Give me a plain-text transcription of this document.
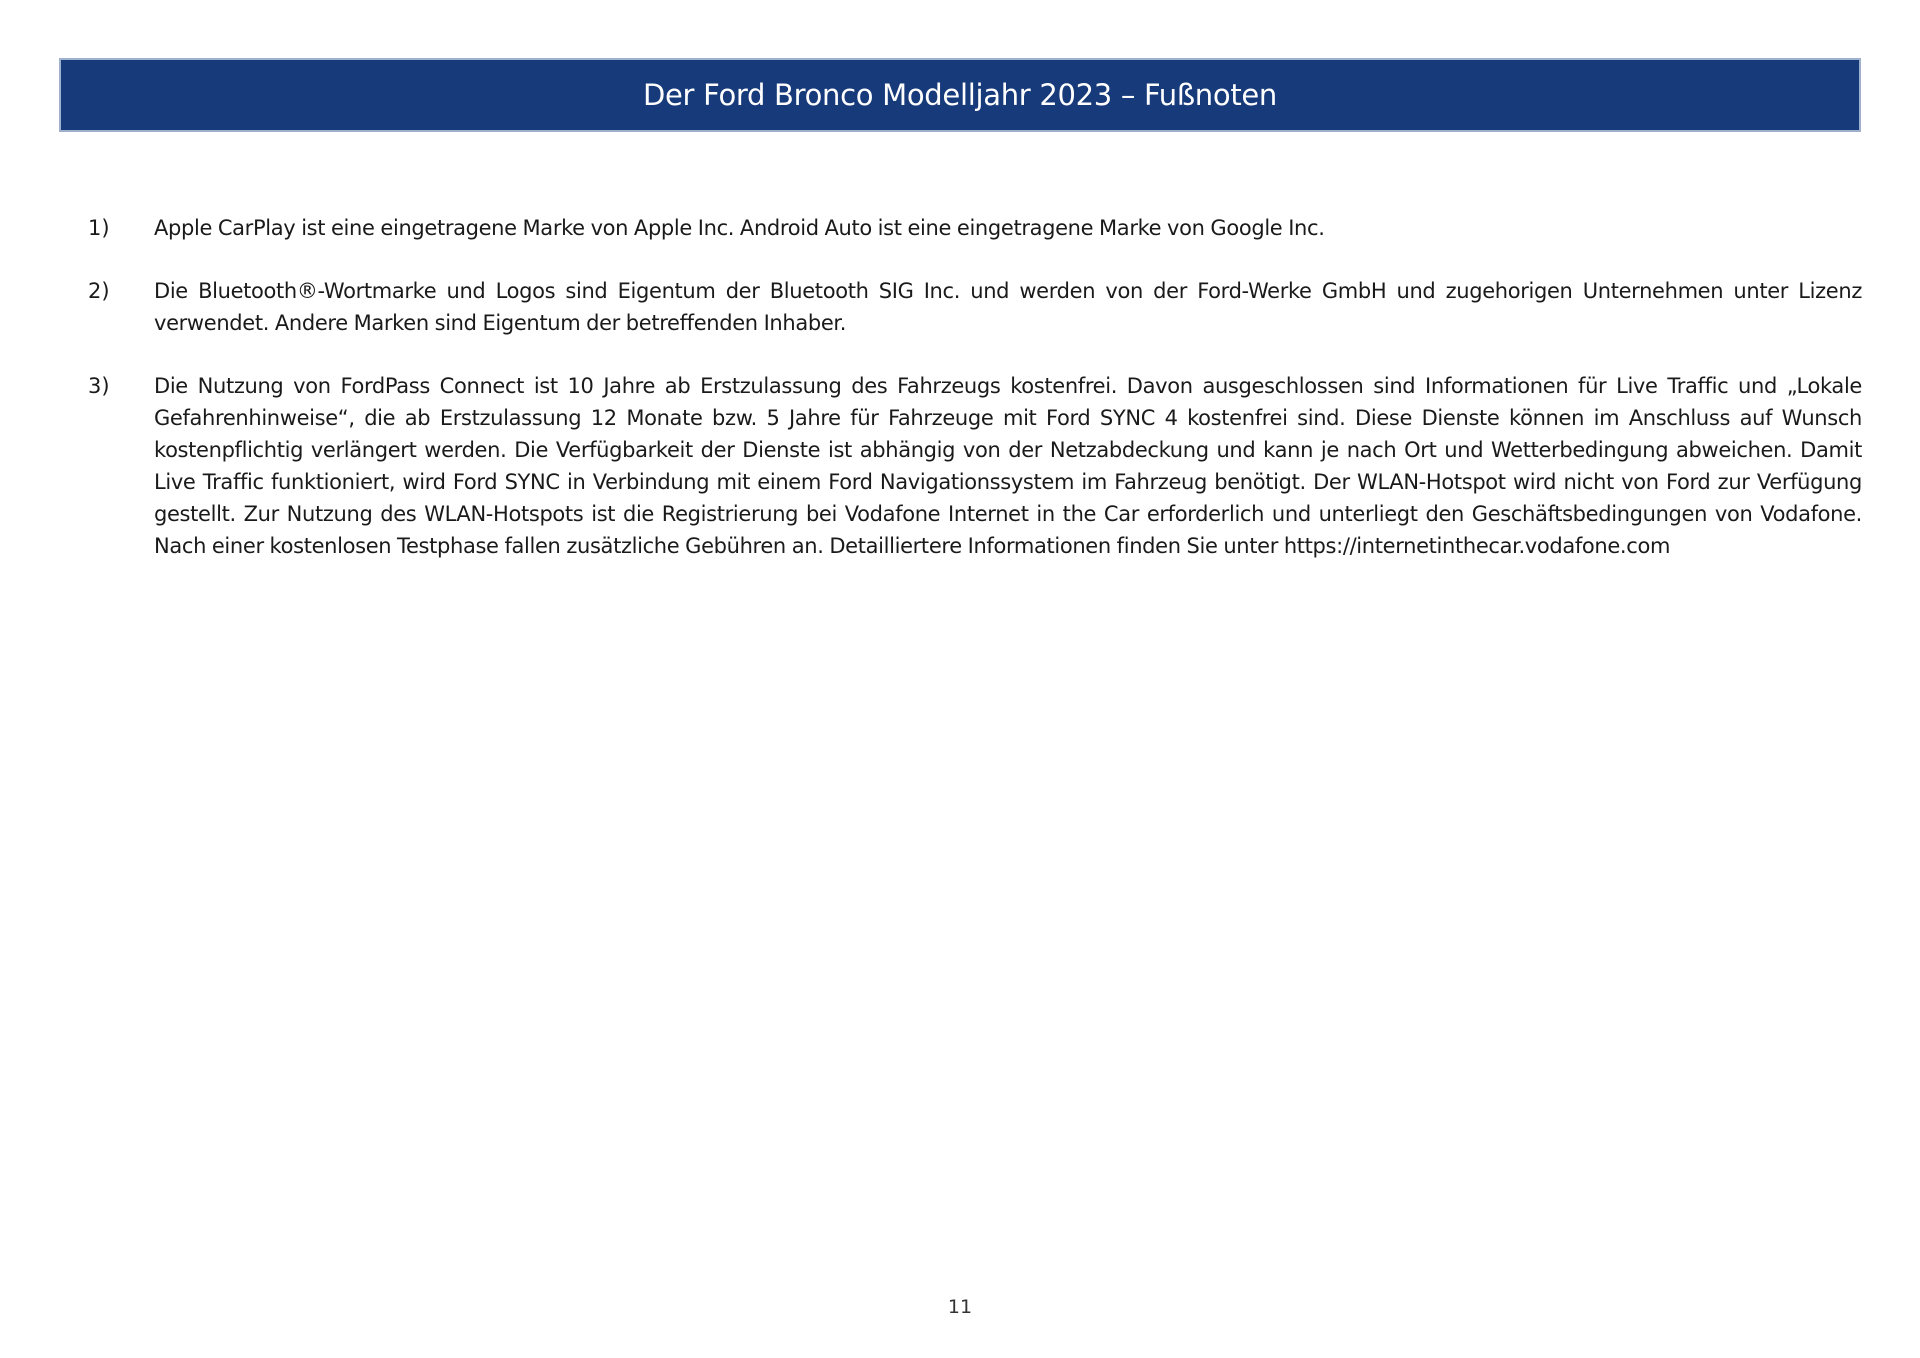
Der Ford Bronco Modelljahr 2023 – Fußnoten
1)	Apple CarPlay ist eine eingetragene Marke von Apple Inc. Android Auto ist eine eingetragene Marke von Google Inc.
2)	Die Bluetooth®-Wortmarke und Logos sind Eigentum der Bluetooth SIG Inc. und werden von der Ford-Werke GmbH und zugehorigen Unternehmen unter Lizenz verwendet. Andere Marken sind Eigentum der betreffenden Inhaber.
3)	Die Nutzung von FordPass Connect ist 10 Jahre ab Erstzulassung des Fahrzeugs kostenfrei. Davon ausgeschlossen sind Informationen für Live Traffic und „Lokale Gefahrenhinweise“, die ab Erstzulassung 12 Monate bzw. 5 Jahre für Fahrzeuge mit Ford SYNC 4 kostenfrei sind. Diese Dienste können im Anschluss auf Wunsch kostenpflichtig verlängert werden. Die Verfügbarkeit der Dienste ist abhängig von der Netzabdeckung und kann je nach Ort und Wetterbedingung abweichen. Damit Live Traffic funktioniert, wird Ford SYNC in Verbindung mit einem Ford Navigationssystem im Fahrzeug benötigt. Der WLAN-Hotspot wird nicht von Ford zur Verfügung gestellt. Zur Nutzung des WLAN-Hotspots ist die Registrierung bei Vodafone Internet in the Car erforderlich und unterliegt den Geschäftsbedingungen von Vodafone. Nach einer kostenlosen Testphase fallen zusätzliche Gebühren an. Detailliertere Informationen finden Sie unter https://internetinthecar.vodafone.com
11
